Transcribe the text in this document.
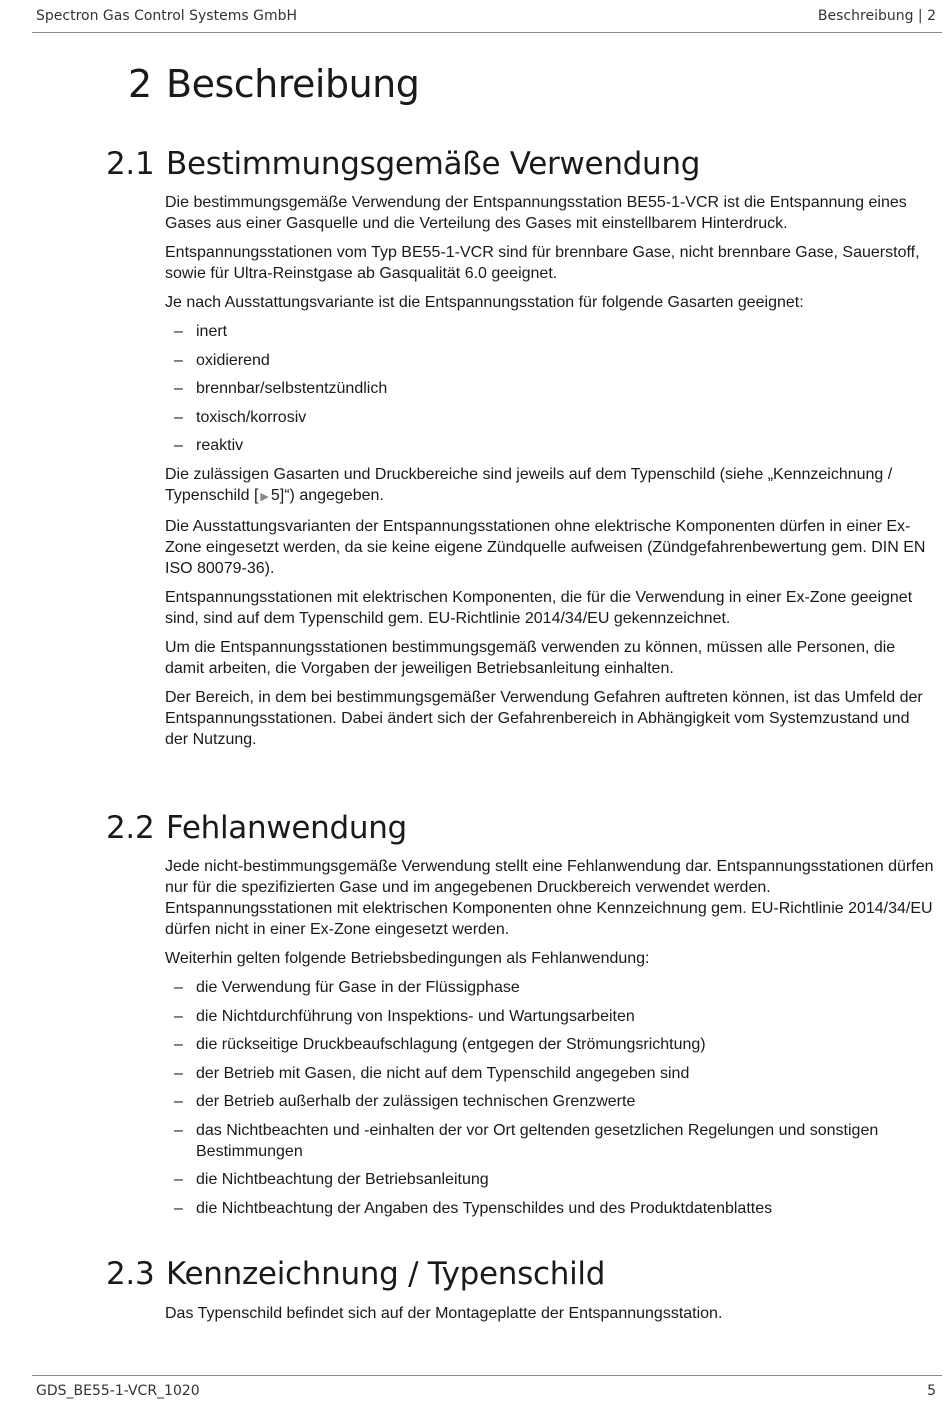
Spectron Gas Control Systems GmbH	Beschreibung | 2
2 Beschreibung
2.1 Bestimmungsgemäße Verwendung

Die bestimmungsgemäße Verwendung der Entspannungsstation BE55-1-VCR ist die Entspannung eines Gases aus einer Gasquelle und die Verteilung des Gases mit einstellbarem Hinterdruck.

Entspannungsstationen vom Typ BE55-1-VCR sind für brennbare Gase, nicht brennbare Gase, Sauerstoff, sowie für Ultra-Reinstgase ab Gasqualität 6.0 geeignet.

Je nach Ausstattungsvariante ist die Entspannungsstation für folgende Gasarten geeignet:

– inert
– oxidierend
– brennbar/selbstentzündlich
– toxisch/korrosiv
– reaktiv

Die zulässigen Gasarten und Druckbereiche sind jeweils auf dem Typenschild (siehe „Kennzeichnung / Typenschild [ ▶ 5]“) angegeben.

Die Ausstattungsvarianten der Entspannungsstationen ohne elektrische Komponenten dürfen in einer Ex-Zone eingesetzt werden, da sie keine eigene Zündquelle aufweisen (Zündgefahrenbewertung gem. DIN EN ISO 80079-36).

Entspannungsstationen mit elektrischen Komponenten, die für die Verwendung in einer Ex-Zone geeignet sind, sind auf dem Typenschild gem. EU-Richtlinie 2014/34/EU gekennzeichnet.

Um die Entspannungsstationen bestimmungsgemäß verwenden zu können, müssen alle Personen, die damit arbeiten, die Vorgaben der jeweiligen Betriebsanleitung einhalten.

Der Bereich, in dem bei bestimmungsgemäßer Verwendung Gefahren auftreten können, ist das Umfeld der Entspannungsstationen. Dabei ändert sich der Gefahrenbereich in Abhängigkeit vom Systemzustand und der Nutzung.

2.2 Fehlanwendung

Jede nicht-bestimmungsgemäße Verwendung stellt eine Fehlanwendung dar. Entspannungsstationen dürfen nur für die spezifizierten Gase und im angegebenen Druckbereich verwendet werden. Entspannungsstationen mit elektrischen Komponenten ohne Kennzeichnung gem. EU-Richtlinie 2014/34/EU dürfen nicht in einer Ex-Zone eingesetzt werden.

Weiterhin gelten folgende Betriebsbedingungen als Fehlanwendung:

– die Verwendung für Gase in der Flüssigphase
– die Nichtdurchführung von Inspektions- und Wartungsarbeiten
– die rückseitige Druckbeaufschlagung (entgegen der Strömungsrichtung)
– der Betrieb mit Gasen, die nicht auf dem Typenschild angegeben sind
– der Betrieb außerhalb der zulässigen technischen Grenzwerte
– das Nichtbeachten und -einhalten der vor Ort geltenden gesetzlichen Regelungen und sonstigen Bestimmungen
– die Nichtbeachtung der Betriebsanleitung
– die Nichtbeachtung der Angaben des Typenschildes und des Produktdatenblattes
2.3 Kennzeichnung / Typenschild

Das Typenschild befindet sich auf der Montageplatte der Entspannungsstation.

GDS_BE55-1-VCR_1020	5
